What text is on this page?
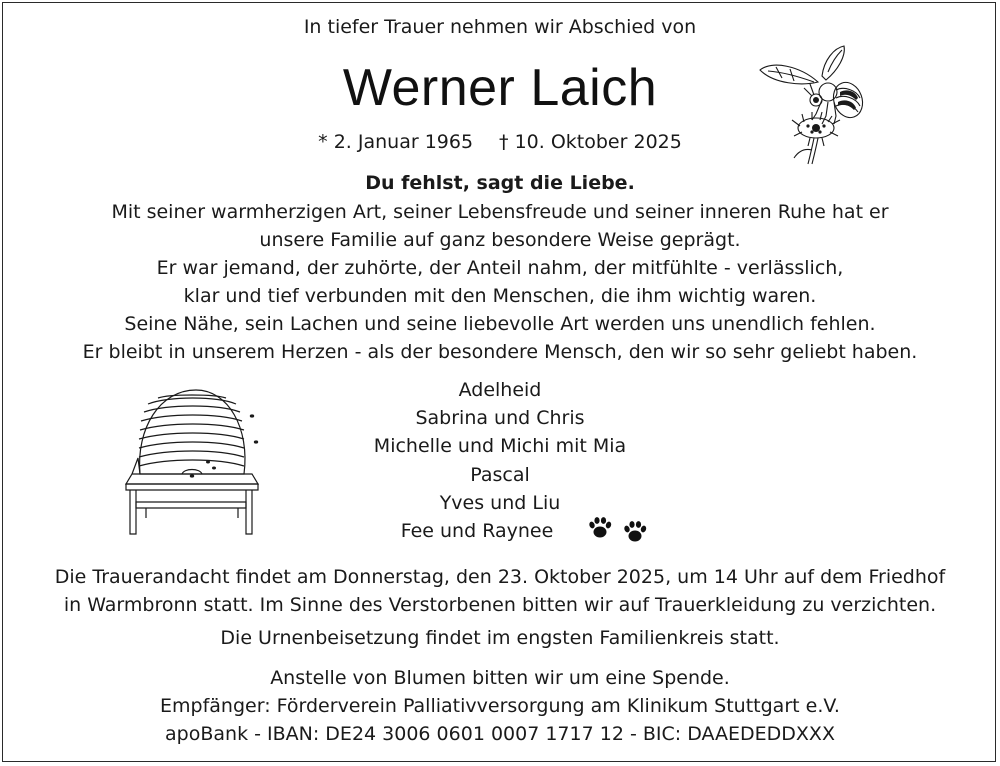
In tiefer Trauer nehmen wir Abschied von
Werner Laich
* 2. Januar 1965 † 10. Oktober 2025
Du fehlst, sagt die Liebe.
Mit seiner warmherzigen Art, seiner Lebensfreude und seiner inneren Ruhe hat er
unsere Familie auf ganz besondere Weise geprägt.
Er war jemand, der zuhörte, der Anteil nahm, der mitfühlte - verlässlich,
klar und tief verbunden mit den Menschen, die ihm wichtig waren.
Seine Nähe, sein Lachen und seine liebevolle Art werden uns unendlich fehlen.
Er bleibt in unserem Herzen - als der besondere Mensch, den wir so sehr geliebt haben.
Adelheid
Sabrina und Chris
Michelle und Michi mit Mia
Pascal
Yves und Liu
Fee und Raynee
Die Trauerandacht findet am Donnerstag, den 23. Oktober 2025, um 14 Uhr auf dem Friedhof
in Warmbronn statt. Im Sinne des Verstorbenen bitten wir auf Trauerkleidung zu verzichten.
Die Urnenbeisetzung findet im engsten Familienkreis statt.
Anstelle von Blumen bitten wir um eine Spende.
Empfänger: Förderverein Palliativversorgung am Klinikum Stuttgart e.V.
apoBank - IBAN: DE24 3006 0601 0007 1717 12 - BIC: DAAEDEDDXXX
